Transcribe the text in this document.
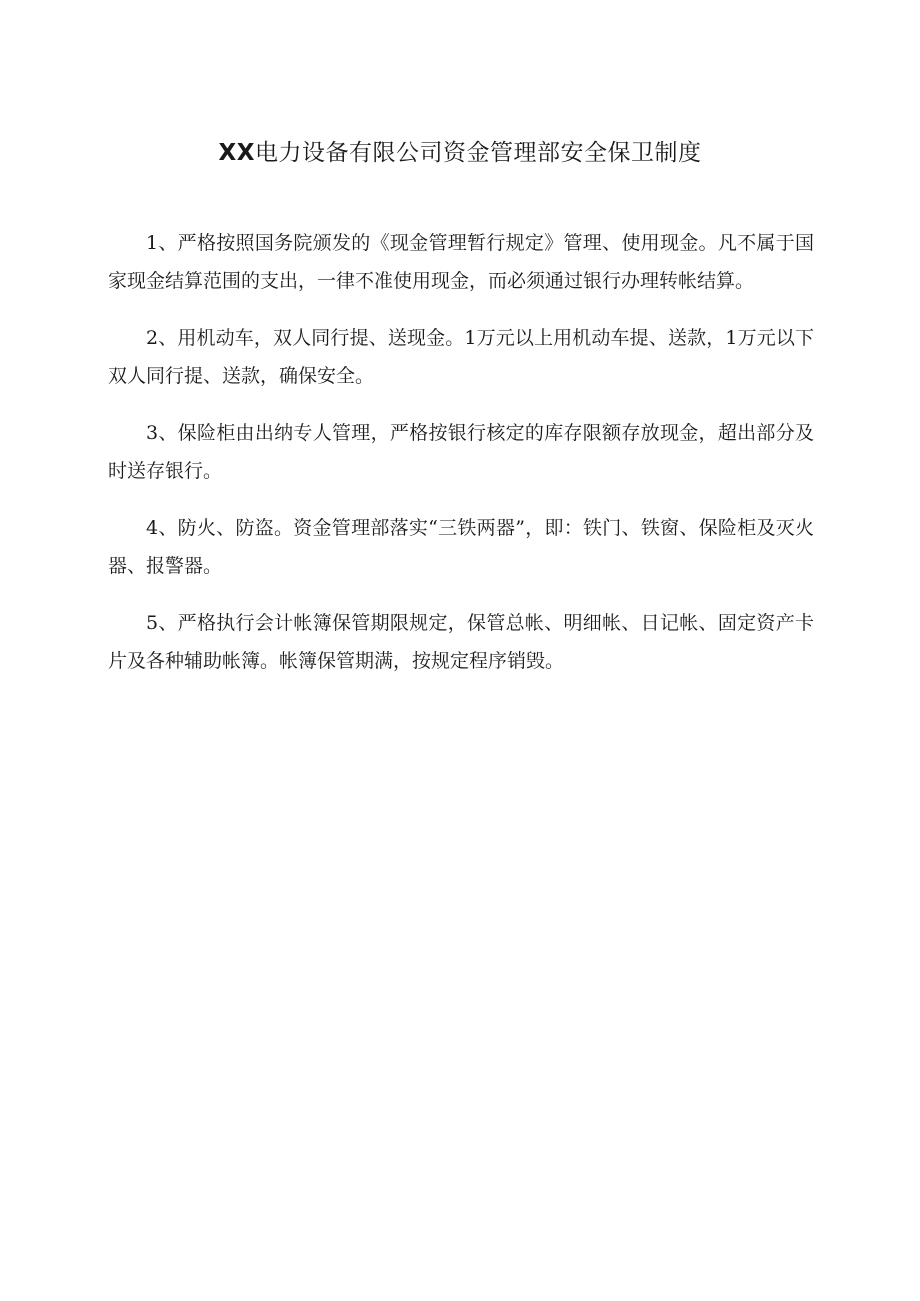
XX电力设备有限公司资金管理部安全保卫制度

1、严格按照国务院颁发的《现金管理暂行规定》管理、使用现金。凡不属于国家现金结算范围的支出，一律不准使用现金，而必须通过银行办理转帐结算。

2、用机动车，双人同行提、送现金。1万元以上用机动车提、送款，1万元以下双人同行提、送款，确保安全。

3、保险柜由出纳专人管理，严格按银行核定的库存限额存放现金，超出部分及时送存银行。

4、防火、防盗。资金管理部落实“三铁两器”，即：铁门、铁窗、保险柜及灭火器、报警器。

5、严格执行会计帐簿保管期限规定，保管总帐、明细帐、日记帐、固定资产卡片及各种辅助帐簿。帐簿保管期满，按规定程序销毁。
